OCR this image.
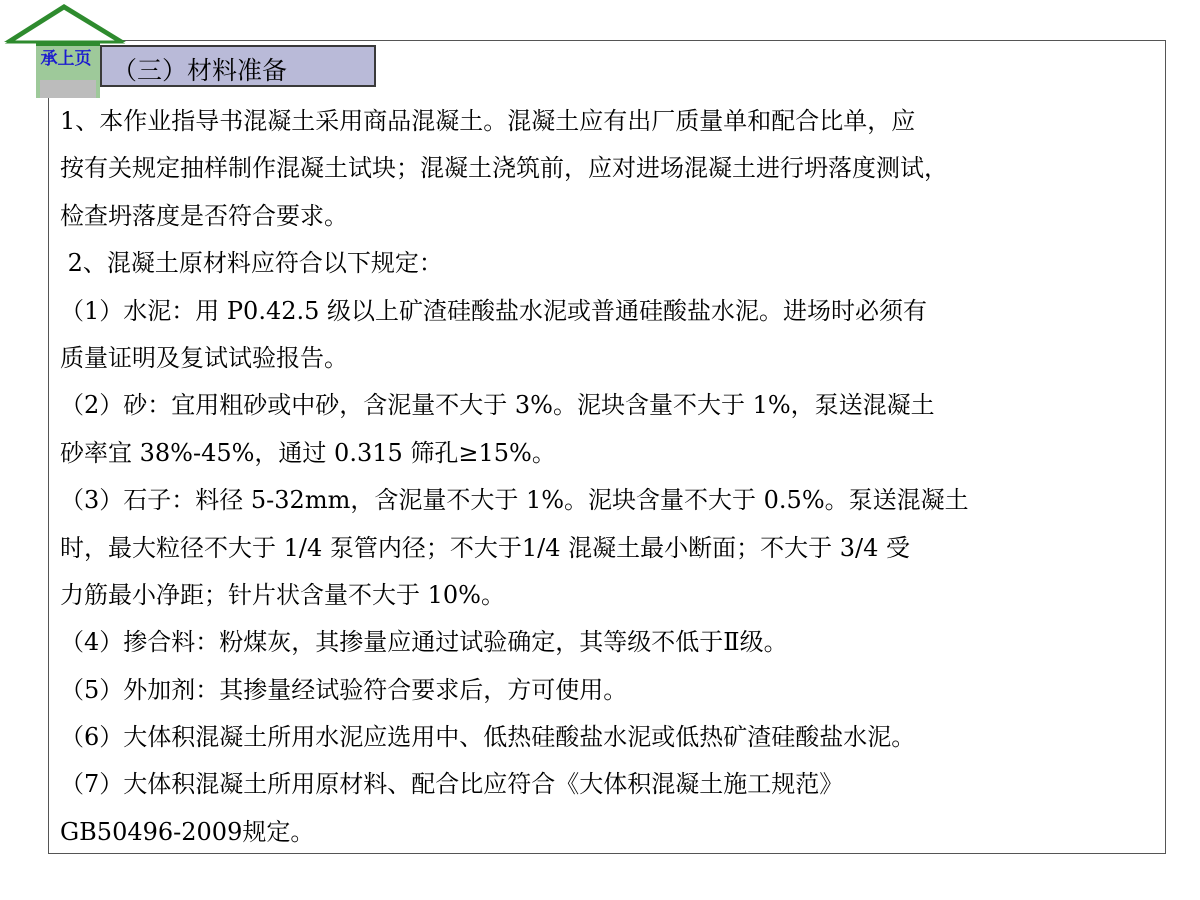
承上页 （三）材料准备
1、本作业指导书混凝土采用商品混凝土。混凝土应有出厂质量单和配合比单，应
按有关规定抽样制作混凝土试块；混凝土浇筑前，应对进场混凝土进行坍落度测试，
检查坍落度是否符合要求。
2、混凝土原材料应符合以下规定：
（1）水泥：用 P0.42.5 级以上矿渣硅酸盐水泥或普通硅酸盐水泥。进场时必须有
质量证明及复试试验报告。
（2）砂：宜用粗砂或中砂，含泥量不大于 3%。泥块含量不大于 1%，泵送混凝土
砂率宜 38%-45%，通过 0.315 筛孔≥15%。
（3）石子：料径 5-32mm，含泥量不大于 1%。泥块含量不大于 0.5%。泵送混凝土
时，最大粒径不大于 1/4 泵管内径；不大于1/4 混凝土最小断面；不大于 3/4 受
力筋最小净距；针片状含量不大于 10%。
（4）掺合料：粉煤灰，其掺量应通过试验确定，其等级不低于Ⅱ级。
（5）外加剂：其掺量经试验符合要求后，方可使用。
（6）大体积混凝土所用水泥应选用中、低热硅酸盐水泥或低热矿渣硅酸盐水泥。
（7）大体积混凝土所用原材料、配合比应符合《大体积混凝土施工规范》
GB50496-2009规定。
